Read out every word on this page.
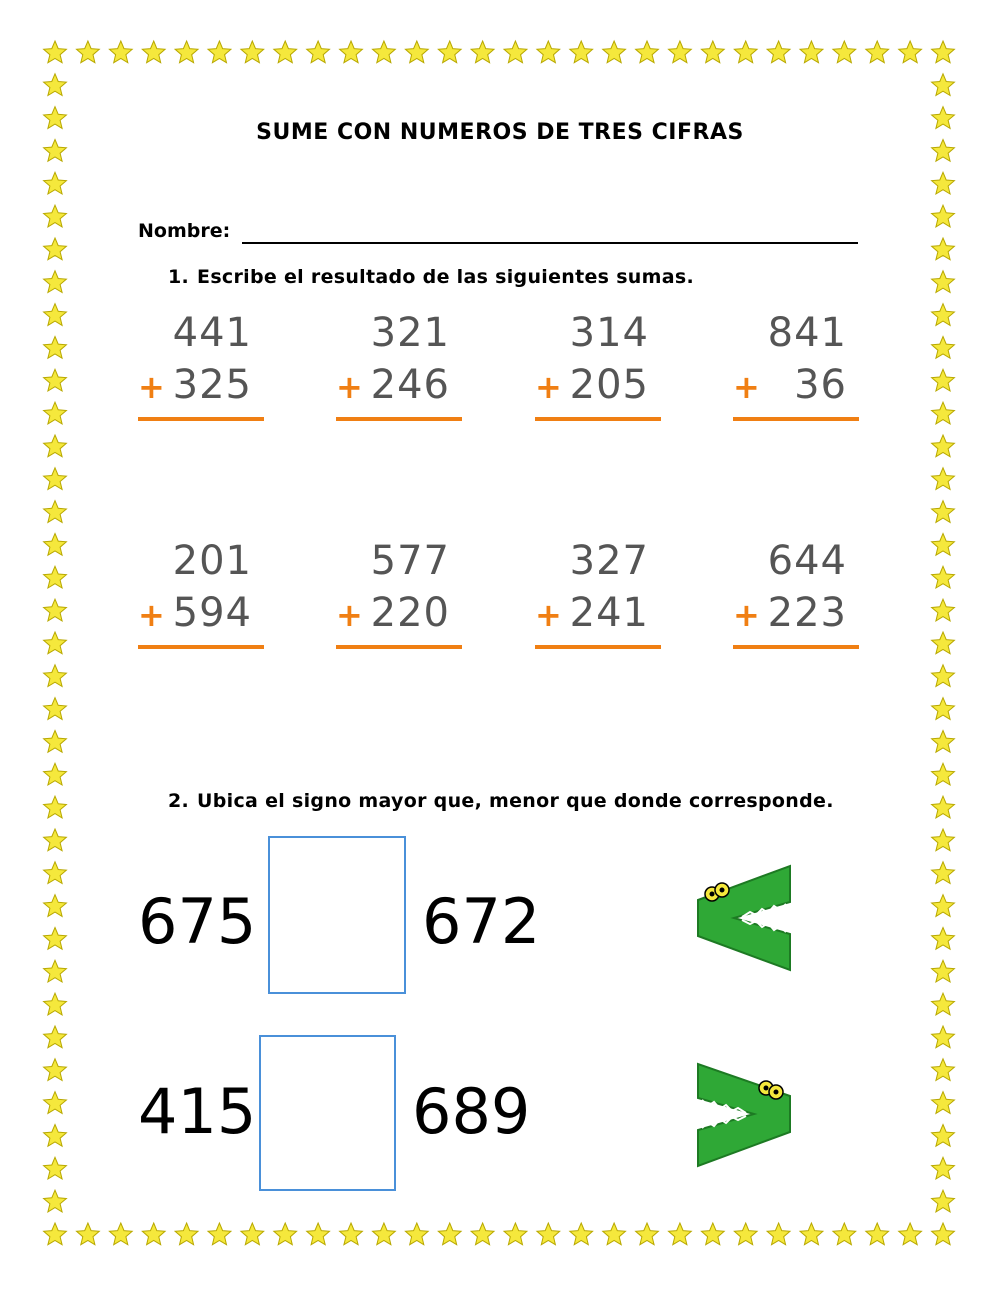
SUME CON NUMEROS DE TRES CIFRAS
Nombre:
1. Escribe el resultado de las siguientes sumas.
441
+ 325
321
+ 246
314
+ 205
841
+ 36
201
+ 594
577
+ 220
327
+ 241
644
+ 223
2. Ubica el signo mayor que, menor que donde corresponde.
675	672
415	689
